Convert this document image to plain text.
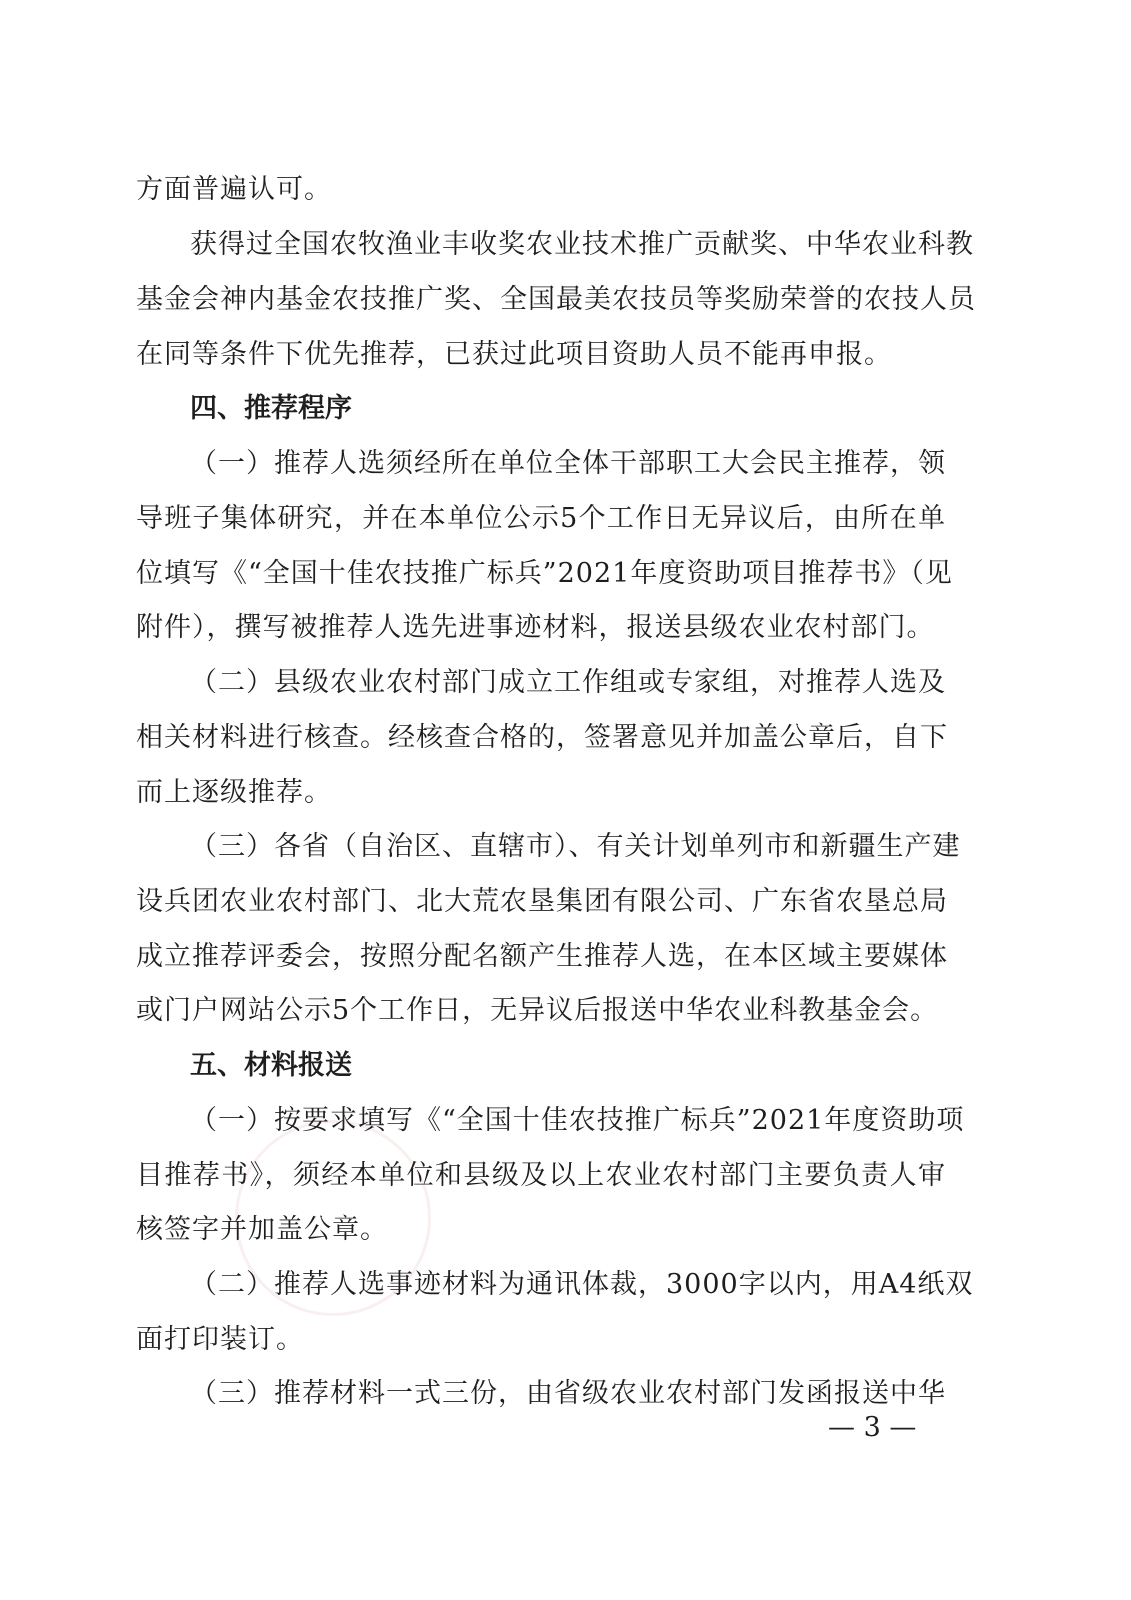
方面普遍认可。
获得过全国农牧渔业丰收奖农业技术推广贡献奖、中华农业科教
基金会神内基金农技推广奖、全国最美农技员等奖励荣誉的农技人员
在同等条件下优先推荐，已获过此项目资助人员不能再申报。
四、推荐程序
（一）推荐人选须经所在单位全体干部职工大会民主推荐，领
导班子集体研究，并在本单位公示5个工作日无异议后，由所在单
位填写《“全国十佳农技推广标兵”2021年度资助项目推荐书》（见
附件），撰写被推荐人选先进事迹材料，报送县级农业农村部门。
（二）县级农业农村部门成立工作组或专家组，对推荐人选及
相关材料进行核查。经核查合格的，签署意见并加盖公章后，自下
而上逐级推荐。
（三）各省（自治区、直辖市）、有关计划单列市和新疆生产建
设兵团农业农村部门、北大荒农垦集团有限公司、广东省农垦总局
成立推荐评委会，按照分配名额产生推荐人选，在本区域主要媒体
或门户网站公示5个工作日，无异议后报送中华农业科教基金会。
五、材料报送
（一）按要求填写《“全国十佳农技推广标兵”2021年度资助项
目推荐书》，须经本单位和县级及以上农业农村部门主要负责人审
核签字并加盖公章。
（二）推荐人选事迹材料为通讯体裁，3000字以内，用A4纸双
面打印装订。
（三）推荐材料一式三份，由省级农业农村部门发函报送中华
— 3 —
